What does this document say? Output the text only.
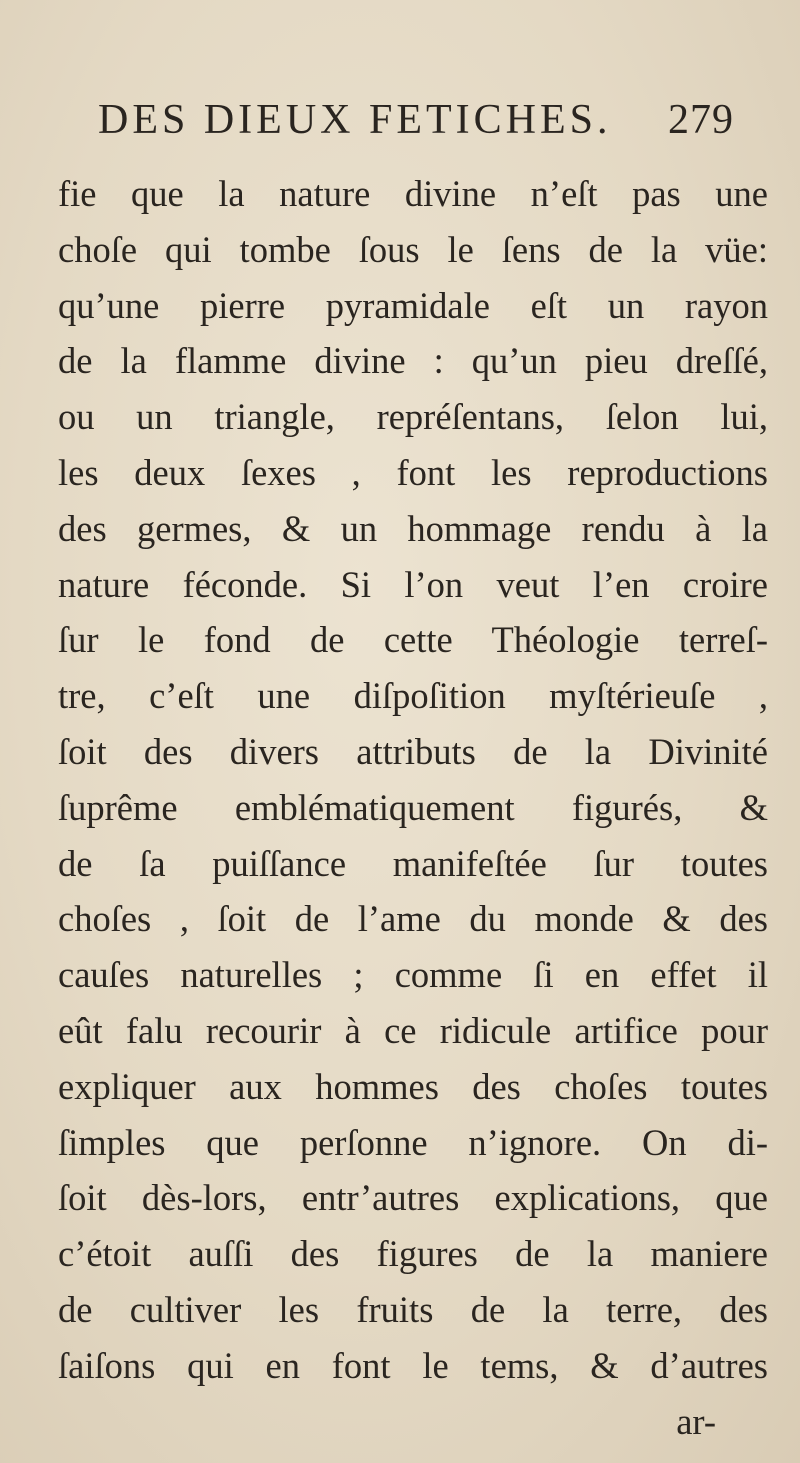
DES DIEUX FETICHES. 279
fie que la nature divine n’eſt pas une
choſe qui tombe ſous le ſens de la vüe:
qu’une pierre pyramidale eſt un rayon
de la flamme divine : qu’un pieu dreſſé,
ou un triangle, repréſentans, ſelon lui,
les deux ſexes , font les reproductions
des germes, & un hommage rendu à la
nature féconde. Si l’on veut l’en croire
ſur le fond de cette Théologie terreſ-
tre, c’eſt une diſpoſition myſtérieuſe ,
ſoit des divers attributs de la Divinité
ſuprême emblématiquement figurés, &
de ſa puiſſance manifeſtée ſur toutes
choſes , ſoit de l’ame du monde & des
cauſes naturelles ; comme ſi en effet il
eût falu recourir à ce ridicule artifice pour
expliquer aux hommes des choſes toutes
ſimples que perſonne n’ignore. On di-
ſoit dès-lors, entr’autres explications, que
c’étoit auſſi des figures de la maniere
de cultiver les fruits de la terre, des
ſaiſons qui en font le tems, & d’autres
ar-
